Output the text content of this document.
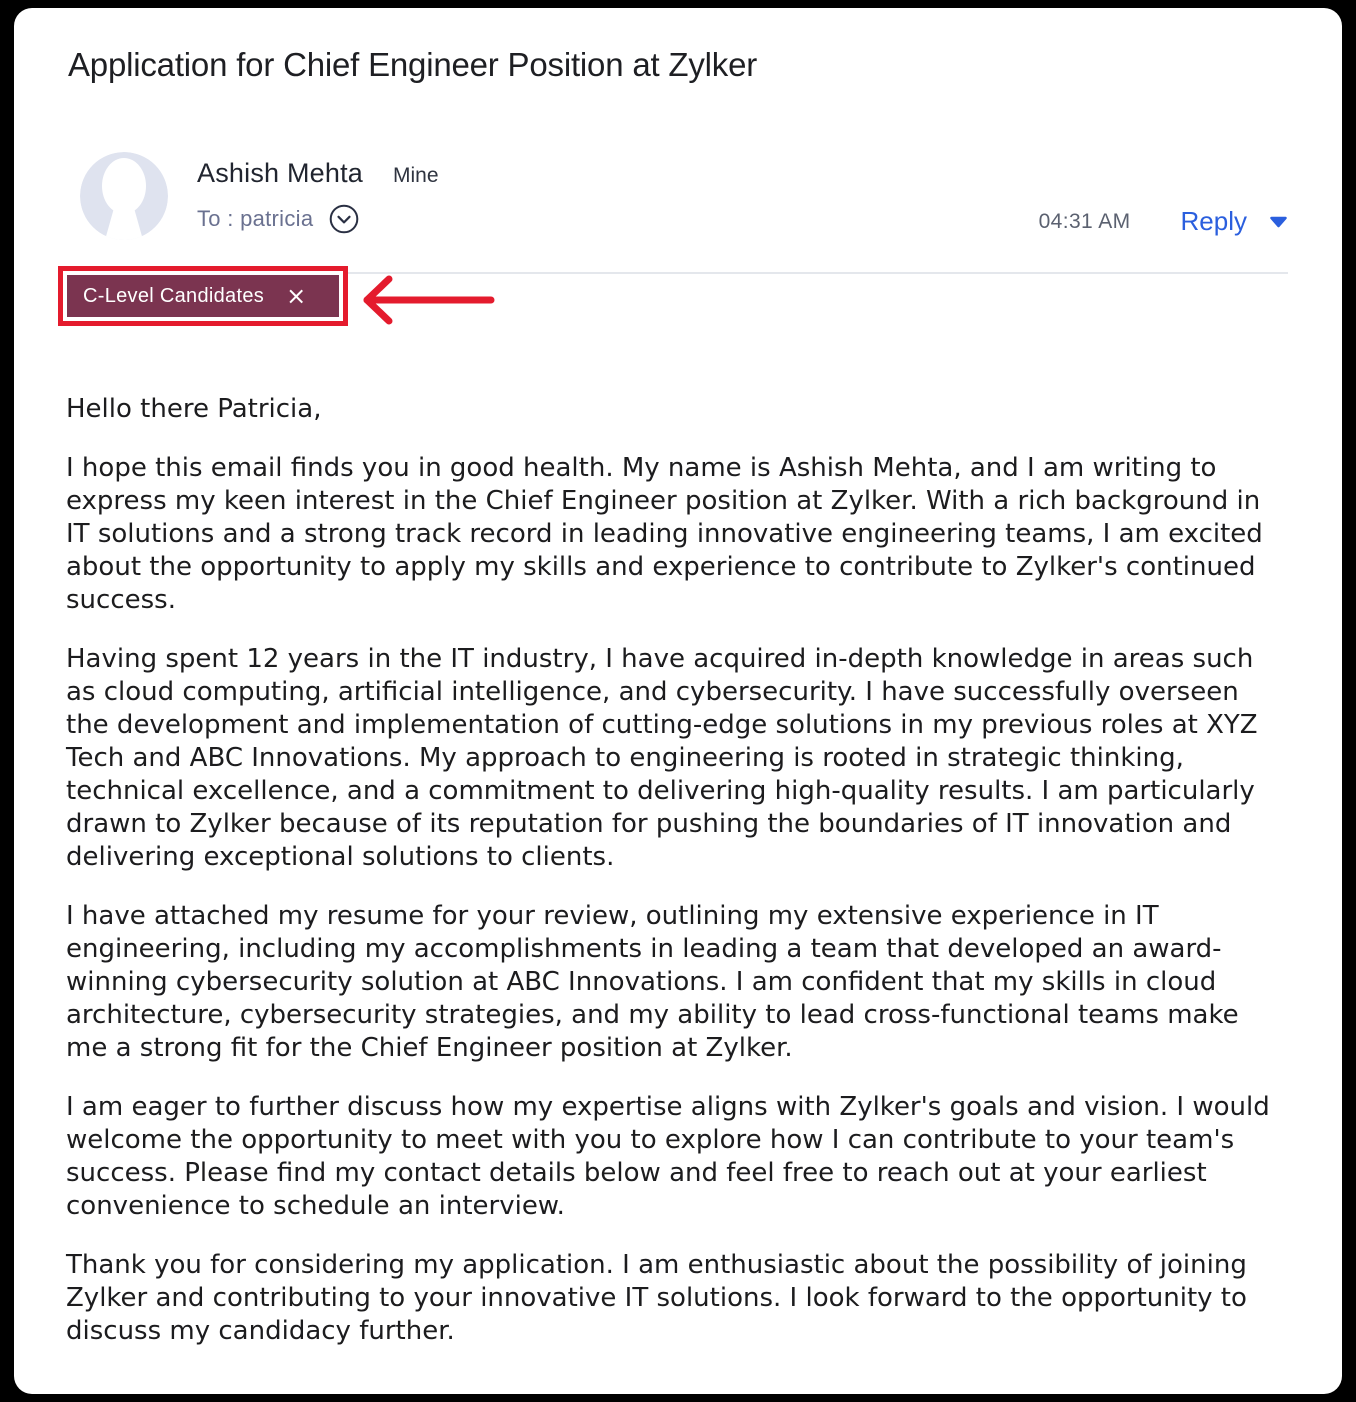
Application for Chief Engineer Position at Zylker
Ashish Mehta Mine
To : patricia	04:31 AM Reply
C-Level Candidates ×

Hello there Patricia,

I hope this email finds you in good health. My name is Ashish Mehta, and I am writing to express my keen interest in the Chief Engineer position at Zylker. With a rich background in IT solutions and a strong track record in leading innovative engineering teams, I am excited about the opportunity to apply my skills and experience to contribute to Zylker's continued success.

Having spent 12 years in the IT industry, I have acquired in-depth knowledge in areas such as cloud computing, artificial intelligence, and cybersecurity. I have successfully overseen the development and implementation of cutting-edge solutions in my previous roles at XYZ Tech and ABC Innovations. My approach to engineering is rooted in strategic thinking, technical excellence, and a commitment to delivering high-quality results. I am particularly drawn to Zylker because of its reputation for pushing the boundaries of IT innovation and delivering exceptional solutions to clients.

I have attached my resume for your review, outlining my extensive experience in IT engineering, including my accomplishments in leading a team that developed an award-winning cybersecurity solution at ABC Innovations. I am confident that my skills in cloud architecture, cybersecurity strategies, and my ability to lead cross-functional teams make me a strong fit for the Chief Engineer position at Zylker.

I am eager to further discuss how my expertise aligns with Zylker's goals and vision. I would welcome the opportunity to meet with you to explore how I can contribute to your team's success. Please find my contact details below and feel free to reach out at your earliest convenience to schedule an interview.

Thank you for considering my application. I am enthusiastic about the possibility of joining Zylker and contributing to your innovative IT solutions. I look forward to the opportunity to discuss my candidacy further.
